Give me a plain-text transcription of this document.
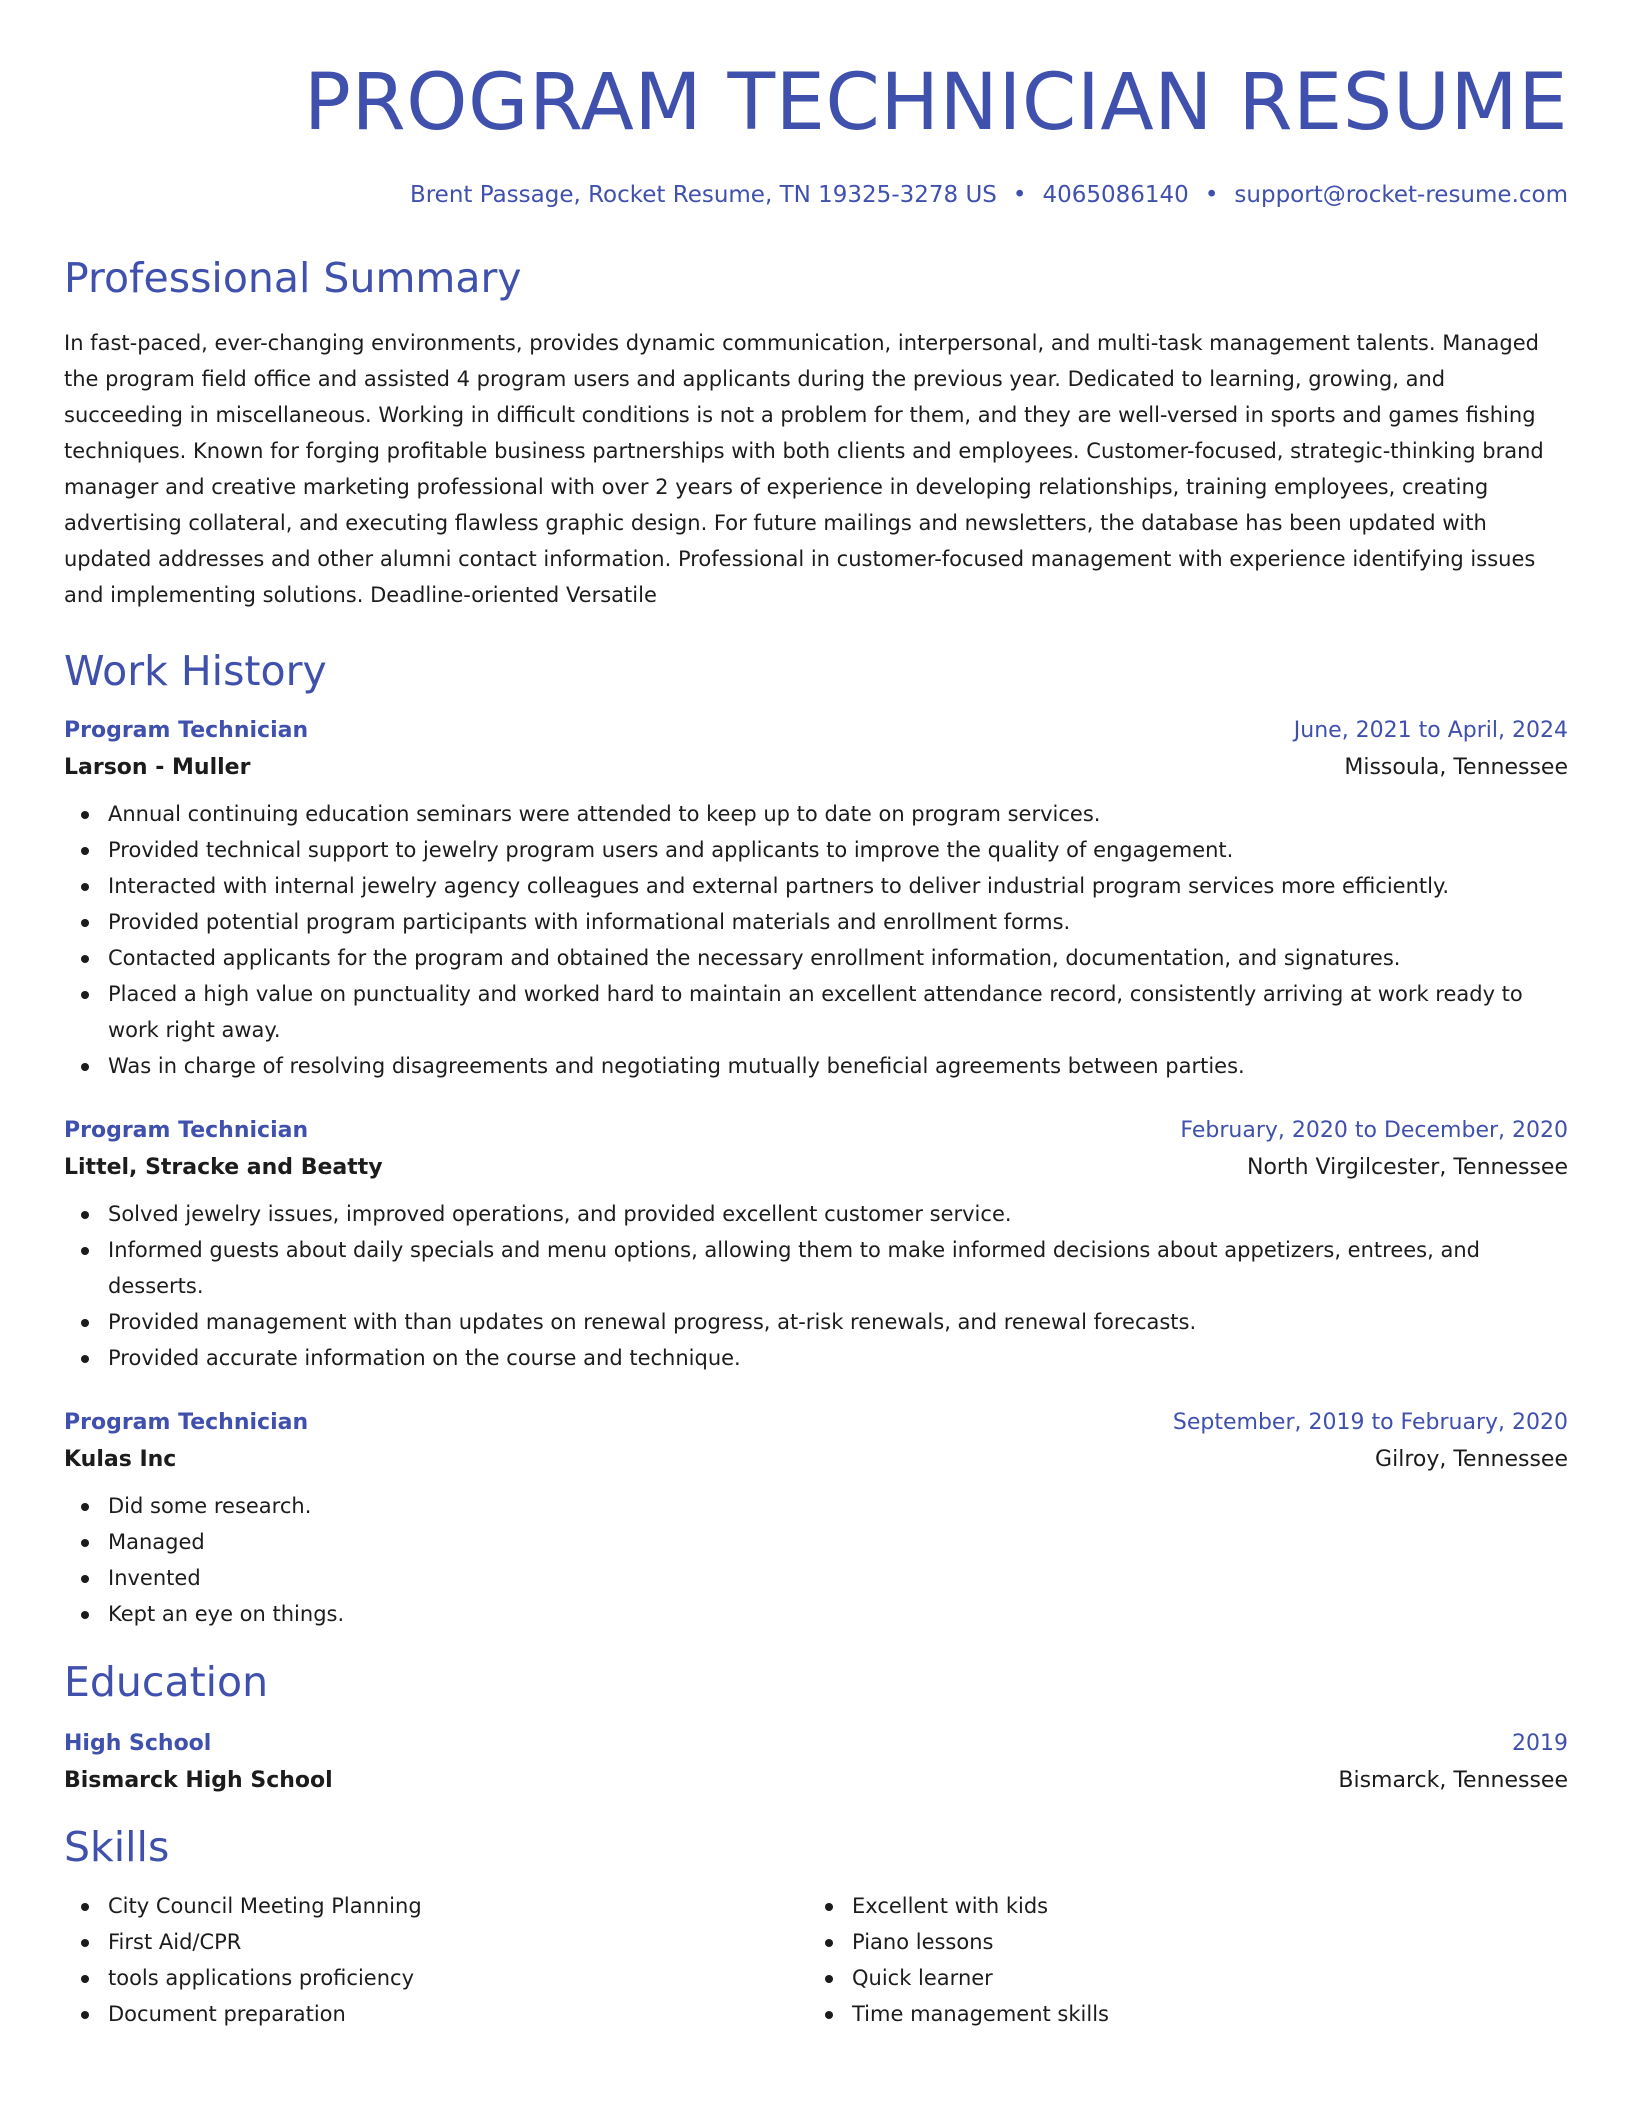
PROGRAM TECHNICIAN RESUME
Brent Passage, Rocket Resume, TN 19325-3278 US • 4065086140 • support@rocket-resume.com
Professional Summary

In fast-paced, ever-changing environments, provides dynamic communication, interpersonal, and multi-task management talents. Managed the program field office and assisted 4 program users and applicants during the previous year. Dedicated to learning, growing, and succeeding in miscellaneous. Working in difficult conditions is not a problem for them, and they are well-versed in sports and games fishing techniques. Known for forging profitable business partnerships with both clients and employees. Customer-focused, strategic-thinking brand manager and creative marketing professional with over 2 years of experience in developing relationships, training employees, creating advertising collateral, and executing flawless graphic design. For future mailings and newsletters, the database has been updated with updated addresses and other alumni contact information. Professional in customer-focused management with experience identifying issues and implementing solutions. Deadline-oriented Versatile

Work History
Program Technician	June, 2021 to April, 2024
Larson - Muller	Missoula, Tennessee
Annual continuing education seminars were attended to keep up to date on program services.
Provided technical support to jewelry program users and applicants to improve the quality of engagement.
Interacted with internal jewelry agency colleagues and external partners to deliver industrial program services more efficiently.
Provided potential program participants with informational materials and enrollment forms.
Contacted applicants for the program and obtained the necessary enrollment information, documentation, and signatures.
Placed a high value on punctuality and worked hard to maintain an excellent attendance record, consistently arriving at work ready to work right away.
Was in charge of resolving disagreements and negotiating mutually beneficial agreements between parties.
Program Technician	February, 2020 to December, 2020
Littel, Stracke and Beatty	North Virgilcester, Tennessee
Solved jewelry issues, improved operations, and provided excellent customer service.
Informed guests about daily specials and menu options, allowing them to make informed decisions about appetizers, entrees, and desserts.
Provided management with than updates on renewal progress, at-risk renewals, and renewal forecasts.
Provided accurate information on the course and technique.
Program Technician	September, 2019 to February, 2020
Kulas Inc	Gilroy, Tennessee
Did some research.
Managed
Invented
Kept an eye on things.
Education
High School	2019
Bismarck High School	Bismarck, Tennessee
Skills
City Council Meeting Planning
First Aid/CPR
tools applications proficiency
Document preparation
Excellent with kids
Piano lessons
Quick learner
Time management skills
